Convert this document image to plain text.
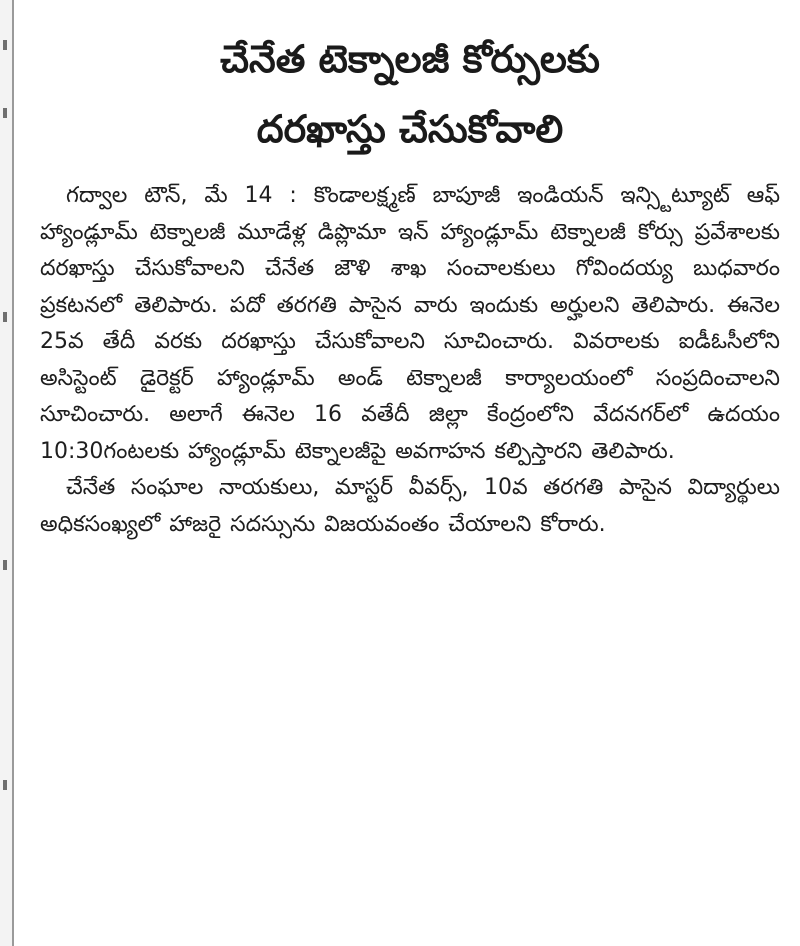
చేనేత టెక్నాలజీ కోర్సులకు
దరఖాస్తు చేసుకోవాలి

గద్వాల టౌన్, మే 14 : కొండాలక్ష్మణ్ బాపూజీ ఇండియన్ ఇన్స్టిట్యూట్ ఆఫ్ హ్యాండ్లూమ్ టెక్నాలజీ మూడేళ్ల డిప్లొమా ఇన్ హ్యాండ్లూమ్ టెక్నాలజీ కోర్సు ప్రవేశాలకు దరఖాస్తు చేసుకోవాలని చేనేత జౌళి శాఖ సంచాలకులు గోవిందయ్య బుధవారం ప్రకటనలో తెలిపారు. పదో తరగతి పాసైన వారు ఇందుకు అర్హులని తెలిపారు. ఈనెల 25వ తేదీ వరకు దరఖాస్తు చేసుకోవాలని సూచించారు. వివరాలకు ఐడీఓసీలోని అసిస్టెంట్ డైరెక్టర్ హ్యాండ్లూమ్ అండ్ టెక్నాలజీ కార్యాలయంలో సంప్రదించాలని సూచించారు. అలాగే ఈనెల 16 వతేదీ జిల్లా కేంద్రంలోని వేదనగర్‌లో ఉదయం 10:30గంటలకు హ్యాండ్లూమ్ టెక్నాలజీపై అవగాహన కల్పిస్తారని తెలిపారు.

చేనేత సంఘాల నాయకులు, మాస్టర్ వీవర్స్, 10వ తరగతి పాసైన విద్యార్థులు అధికసంఖ్యలో హాజరై సదస్సును విజయవంతం చేయాలని కోరారు.
